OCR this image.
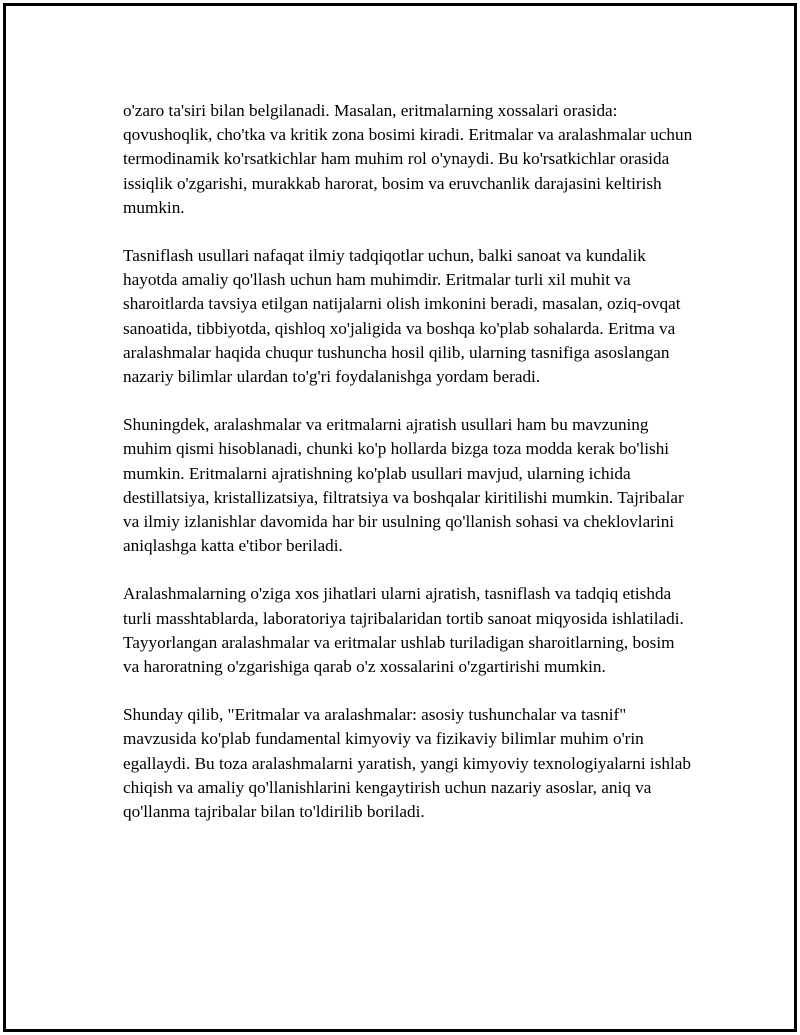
o'zaro ta'siri bilan belgilanadi. Masalan, eritmalarning xossalari orasida: qovushoqlik, cho'tka va kritik zona bosimi kiradi. Eritmalar va aralashmalar uchun termodinamik ko'rsatkichlar ham muhim rol o'ynaydi. Bu ko'rsatkichlar orasida issiqlik o'zgarishi, murakkab harorat, bosim va eruvchanlik darajasini keltirish mumkin.

Tasniflash usullari nafaqat ilmiy tadqiqotlar uchun, balki sanoat va kundalik hayotda amaliy qo'llash uchun ham muhimdir. Eritmalar turli xil muhit va sharoitlarda tavsiya etilgan natijalarni olish imkonini beradi, masalan, oziq-ovqat sanoatida, tibbiyotda, qishloq xo'jaligida va boshqa ko'plab sohalarda. Eritma va aralashmalar haqida chuqur tushuncha hosil qilib, ularning tasnifiga asoslangan nazariy bilimlar ulardan to'g'ri foydalanishga yordam beradi.

Shuningdek, aralashmalar va eritmalarni ajratish usullari ham bu mavzuning muhim qismi hisoblanadi, chunki ko'p hollarda bizga toza modda kerak bo'lishi mumkin. Eritmalarni ajratishning ko'plab usullari mavjud, ularning ichida destillatsiya, kristallizatsiya, filtratsiya va boshqalar kiritilishi mumkin. Tajribalar va ilmiy izlanishlar davomida har bir usulning qo'llanish sohasi va cheklovlarini aniqlashga katta e'tibor beriladi.

Aralashmalarning o'ziga xos jihatlari ularni ajratish, tasniflash va tadqiq etishda turli masshtablarda, laboratoriya tajribalaridan tortib sanoat miqyosida ishlatiladi. Tayyorlangan aralashmalar va eritmalar ushlab turiladigan sharoitlarning, bosim va haroratning o'zgarishiga qarab o'z xossalarini o'zgartirishi mumkin.

Shunday qilib, "Eritmalar va aralashmalar: asosiy tushunchalar va tasnif" mavzusida ko'plab fundamental kimyoviy va fizikaviy bilimlar muhim o'rin egallaydi. Bu toza aralashmalarni yaratish, yangi kimyoviy texnologiyalarni ishlab chiqish va amaliy qo'llanishlarini kengaytirish uchun nazariy asoslar, aniq va qo'llanma tajribalar bilan to'ldirilib boriladi.
